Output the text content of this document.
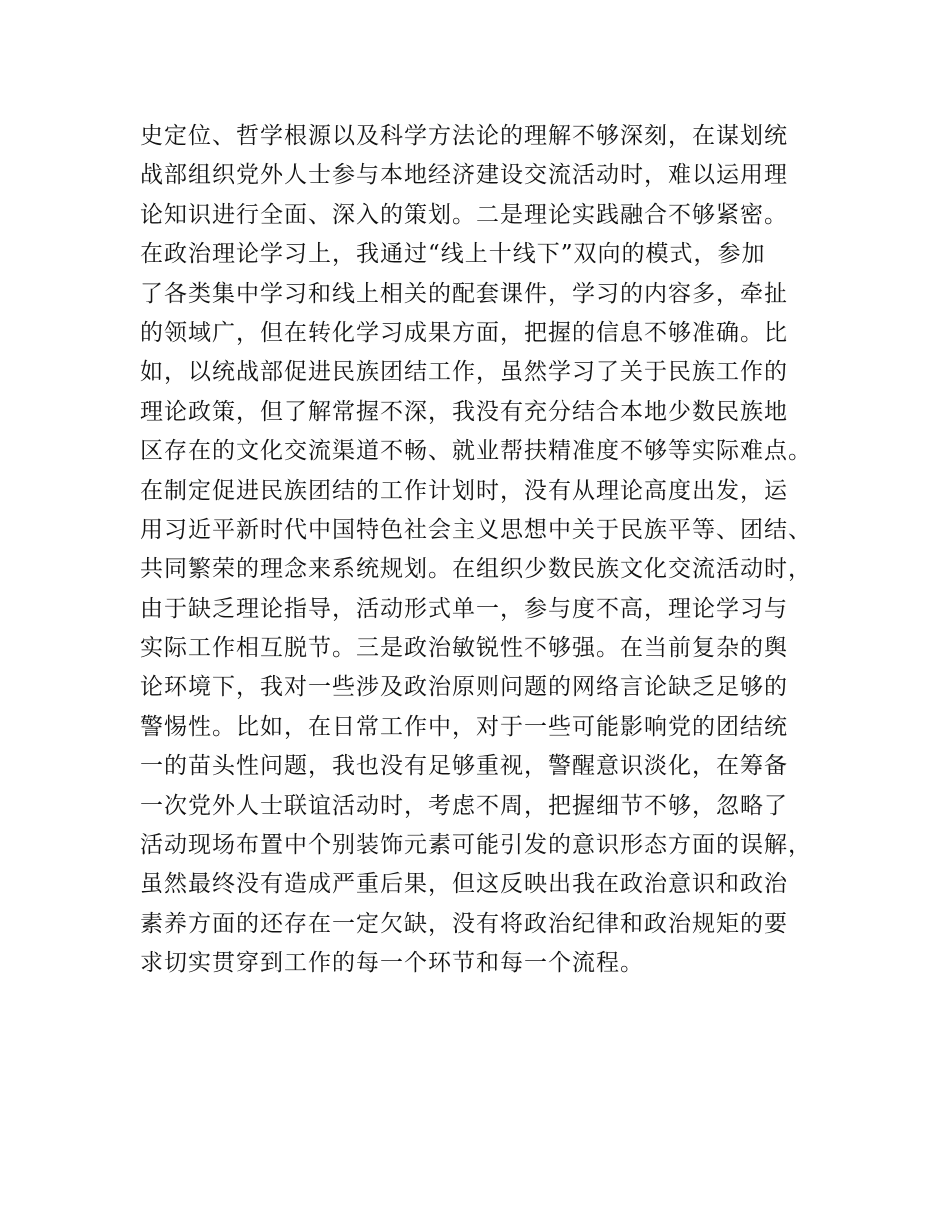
史定位、哲学根源以及科学方法论的理解不够深刻，在谋划统
战部组织党外人士参与本地经济建设交流活动时，难以运用理
论知识进行全面、深入的策划。二是理论实践融合不够紧密。
在政治理论学习上，我通过“线上十线下”双向的模式，参加
了各类集中学习和线上相关的配套课件，学习的内容多，牵扯
的领域广，但在转化学习成果方面，把握的信息不够准确。比
如，以统战部促进民族团结工作，虽然学习了关于民族工作的
理论政策，但了解常握不深，我没有充分结合本地少数民族地
区存在的文化交流渠道不畅、就业帮扶精准度不够等实际难点。
在制定促进民族团结的工作计划时，没有从理论高度出发，运
用习近平新时代中国特色社会主义思想中关于民族平等、团结、
共同繁荣的理念来系统规划。在组织少数民族文化交流活动时，
由于缺乏理论指导，活动形式单一，参与度不高，理论学习与
实际工作相互脱节。三是政治敏锐性不够强。在当前复杂的舆
论环境下，我对一些涉及政治原则问题的网络言论缺乏足够的
警惕性。比如，在日常工作中，对于一些可能影响党的团结统
一的苗头性问题，我也没有足够重视，警醒意识淡化，在筹备
一次党外人士联谊活动时，考虑不周，把握细节不够，忽略了
活动现场布置中个别装饰元素可能引发的意识形态方面的误解，
虽然最终没有造成严重后果，但这反映出我在政治意识和政治
素养方面的还存在一定欠缺，没有将政治纪律和政治规矩的要
求切实贯穿到工作的每一个环节和每一个流程。
